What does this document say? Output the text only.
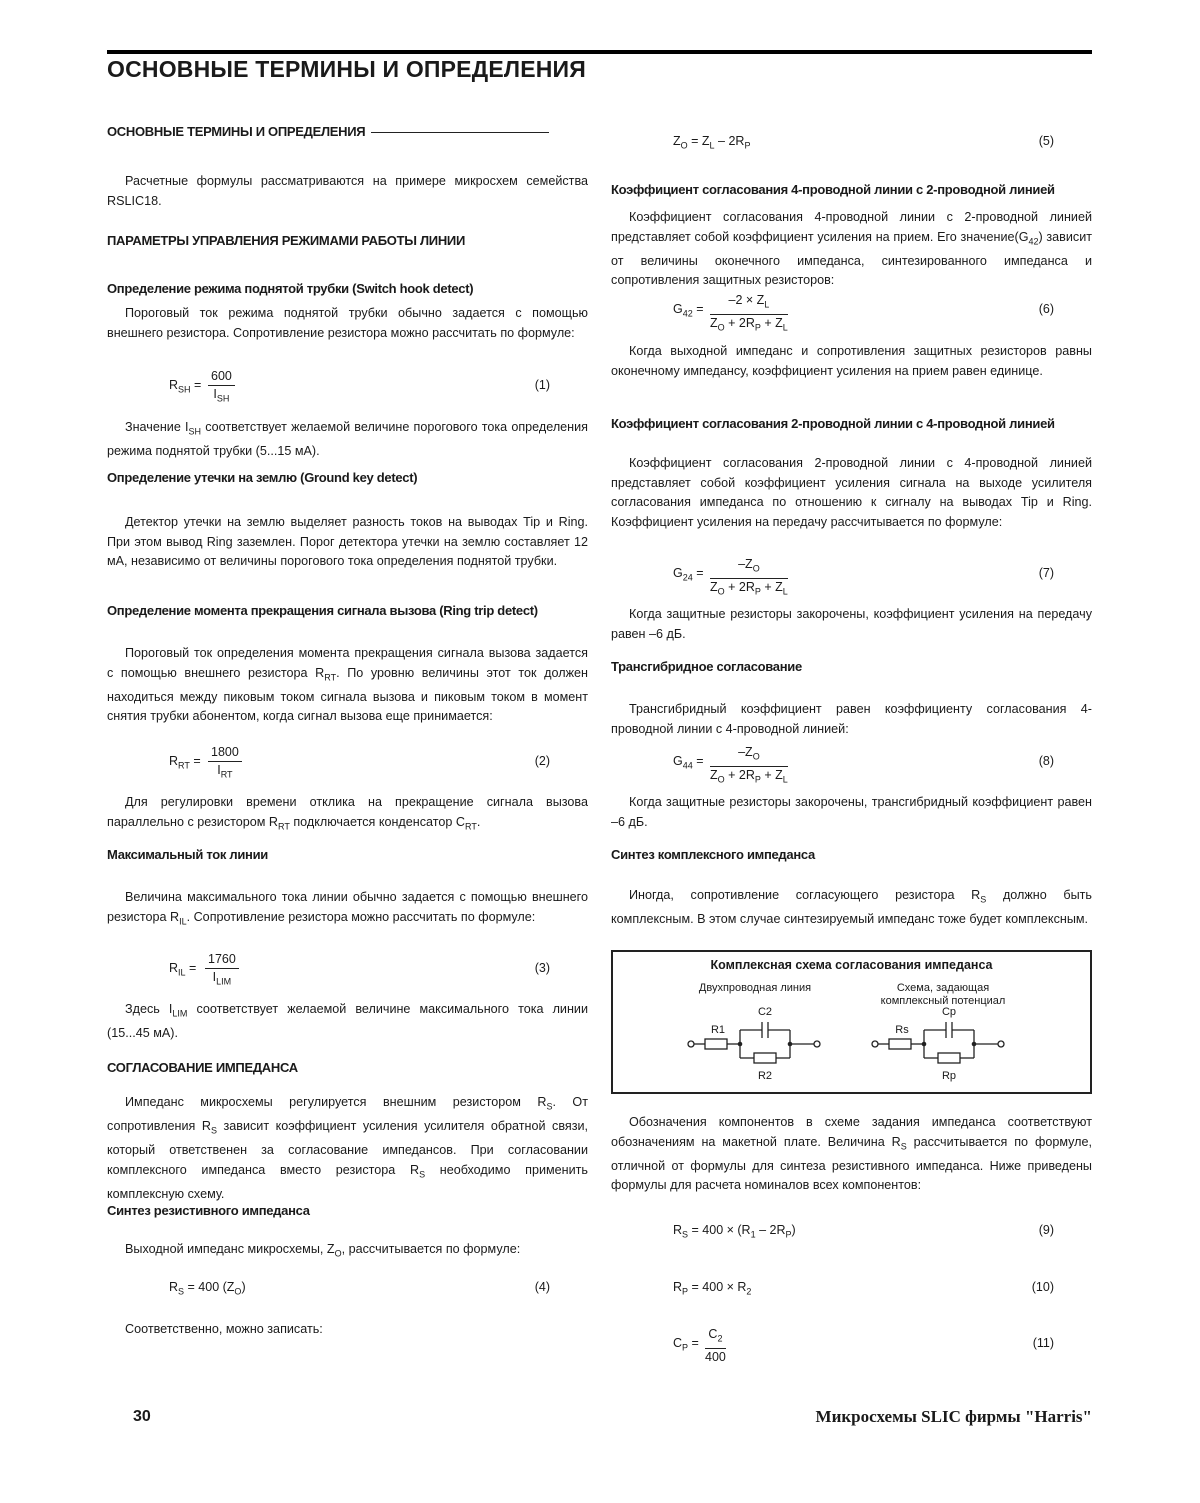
ОСНОВНЫЕ ТЕРМИНЫ И ОПРЕДЕЛЕНИЯ
ОСНОВНЫЕ ТЕРМИНЫ И ОПРЕДЕЛЕНИЯ
Расчетные формулы рассматриваются на примере микросхем семейства RSLIC18.
ПАРАМЕТРЫ УПРАВЛЕНИЯ РЕЖИМАМИ РАБОТЫ ЛИНИИ
Определение режима поднятой трубки (Switch hook detect)
Пороговый ток режима поднятой трубки обычно задается с помощью внешнего резистора. Сопротивление резистора можно рассчитать по формуле:
$R_{SH}$ =
600
$I_{SH}$
(1)
Значение $I_{SH}$ соответствует желаемой величине порогового тока определения режима поднятой трубки (5...15 мА).
Определение утечки на землю (Ground key detect)
Детектор утечки на землю выделяет разность токов на выводах Tip и Ring. При этом вывод Ring заземлен. Порог детектора утечки на землю составляет 12 мА, независимо от величины порогового тока определения поднятой трубки.
Определение момента прекращения сигнала вызова (Ring trip detect)
Пороговый ток определения момента прекращения сигнала вызова задается с помощью внешнего резистора $R_{RT}$. По уровню величины этот ток должен находиться между пиковым током сигнала вызова и пиковым током в момент снятия трубки абонентом, когда сигнал вызова еще принимается:
$R_{RT}$ =
1800
$I_{RT}$
(2)
Для регулировки времени отклика на прекращение сигнала вызова параллельно с резистором $R_{RT}$ подключается конденсатор $C_{RT}$.
Максимальный ток линии
Величина максимального тока линии обычно задается с помощью внешнего резистора $R_{IL}$. Сопротивление резистора можно рассчитать по формуле:
$R_{IL}$ =
1760
$I_{LIM}$
(3)
Здесь $I_{LIM}$ соответствует желаемой величине максимального тока линии (15...45 мА).
СОГЛАСОВАНИЕ ИМПЕДАНСА
Импеданс микросхемы регулируется внешним резистором $R_S$. От сопротивления $R_S$ зависит коэффициент усиления усилителя обратной связи, который ответственен за согласование импедансов. При согласовании комплексного импеданса вместо резистора $R_S$ необходимо применить комплексную схему.
Синтез резистивного импеданса
Выходной импеданс микросхемы, $Z_O$, рассчитывается по формуле:
$R_S = 400$ $(Z_O)$	(4)
Соответственно, можно записать:
$Z_O = Z_L - 2R_P$	(5)
Коэффициент согласования 4-проводной линии с 2-проводной линией
Коэффициент согласования 4-проводной линии с 2-проводной линией представляет собой коэффициент усиления на прием. Его $значение(G_{42})$ зависит от величины оконечного импеданса, синтезированного импеданса и сопротивления защитных резисторов:
$G_{42} = \frac{-2 \times Z_L}{Z_O + 2R_P + Z_L}$	(6)
Когда выходной импеданс и сопротивления защитных резисторов равны оконечному импедансу, коэффициент усиления на прием равен единице.
Коэффициент согласования 2-проводной линии с 4-проводной линией
Коэффициент согласования 2-проводной линии с 4-проводной линией представляет собой коэффициент усиления сигнала на выходе усилителя согласования импеданса по отношению к сигналу на выводах Tip и Ring. Коэффициент усиления на передачу рассчитывается по формуле:
$G_{24} = \frac{-Z_O}{Z_O + 2R_P + Z_L}$	(7)
Когда защитные резисторы закорочены, коэффициент усиления на передачу равен –6 дБ.
Трансгибридное согласование
Трансгибридный коэффициент равен коэффициенту согласования 4-проводной линии с 4-проводной линией:
$G_{44} = \frac{-Z_O}{Z_O + 2R_P + Z_L}$	(8)
Когда защитные резисторы закорочены, трансгибридный коэффициент равен –6 дБ.
Синтез комплексного импеданса
Иногда, сопротивление согласующего резистора $R_S$ должно быть комплексным. В этом случае синтезируемый импеданс тоже будет комплексным.
Комплексная схема согласования импеданса
Двухпроводная линия	Схема, задающая
комплексный потенциал
R1
C2
R2
Rs
Cp
Rp
Обозначения компонентов в схеме задания импеданса соответствуют обозначениям на макетной плате. Величина $R_S$ рассчитывается по формуле, отличной от формулы для синтеза резистивного импеданса. Ниже приведены формулы для расчета номиналов всех компонентов:
$R_S = 400 \times (R_1 - 2R_P)$	(9)
$R_P = 400 \times R_2$	(10)
$C_P = \frac{C_2}{400}$	(11)
30	Микросхемы SLIC фирмы "Harris"
